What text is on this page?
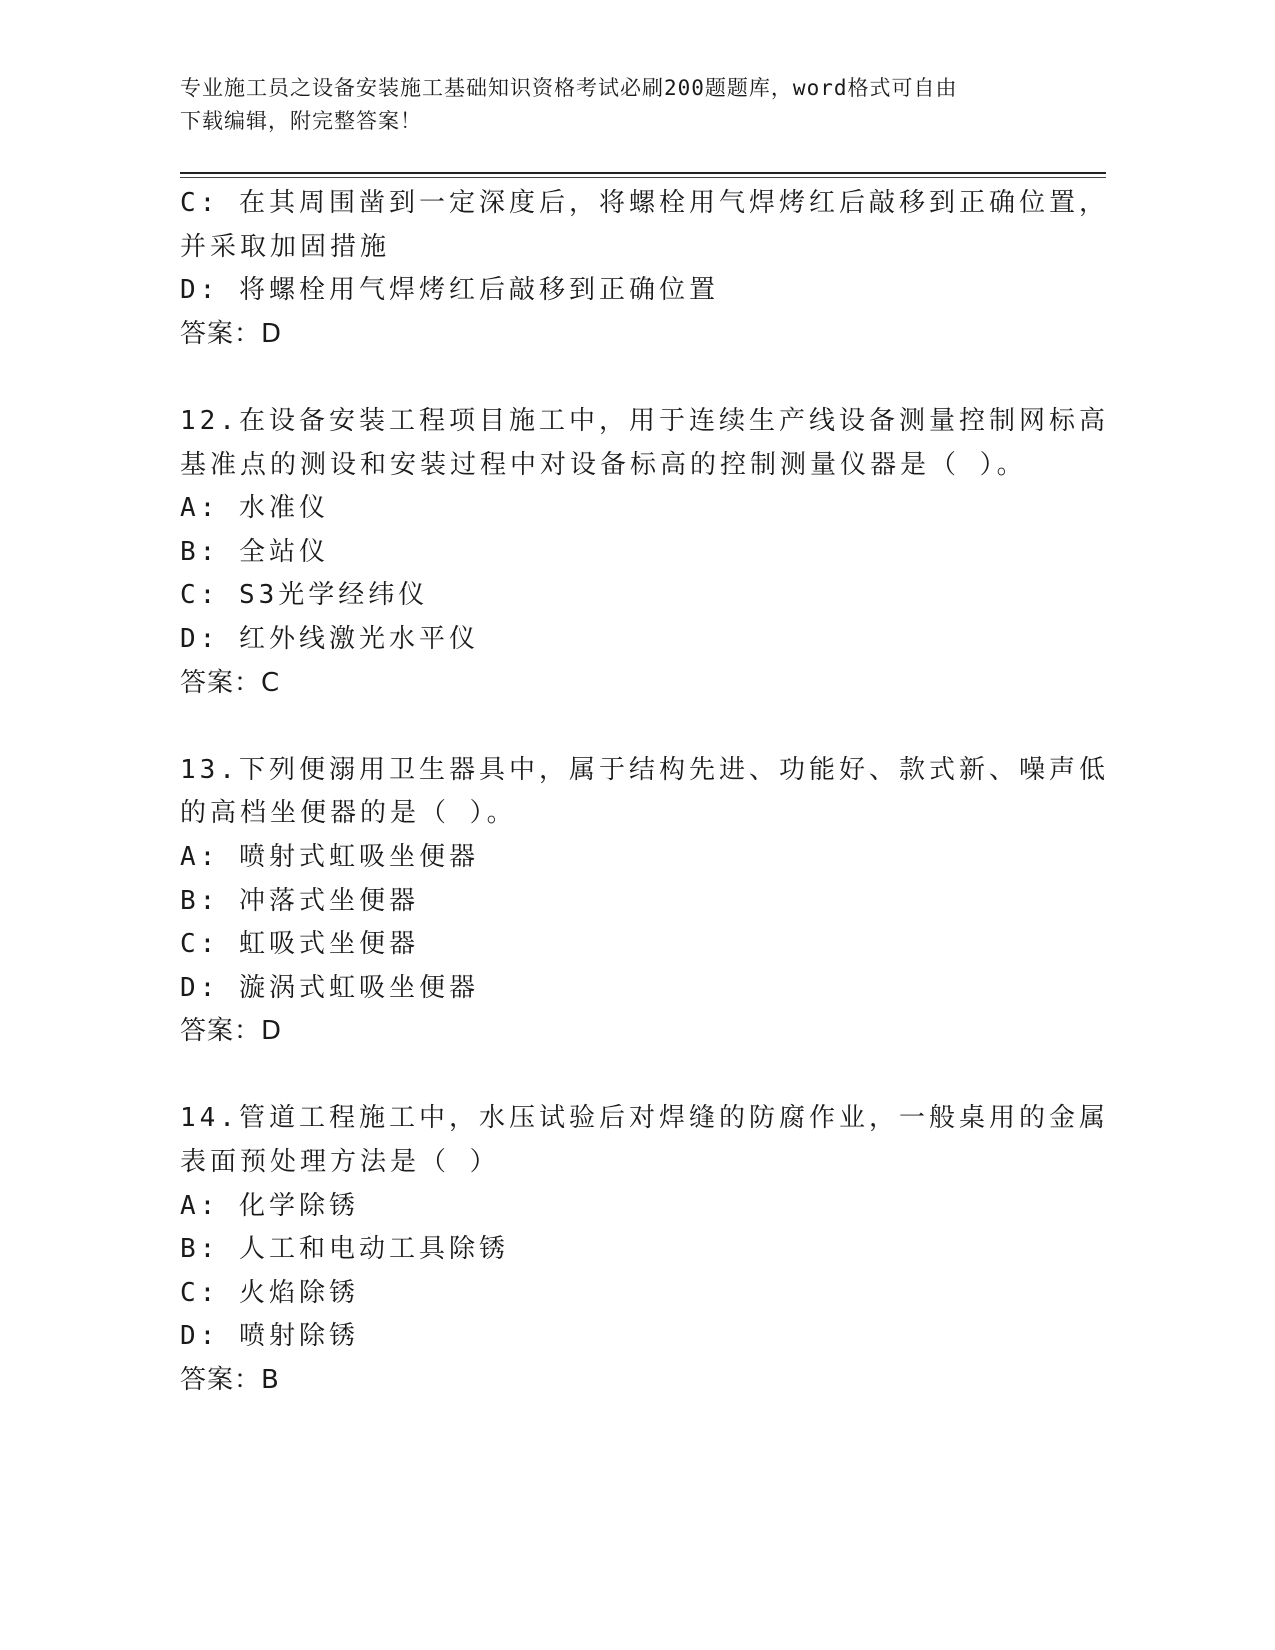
专业施工员之设备安装施工基础知识资格考试必刷200题题库，word格式可自由
下载编辑，附完整答案！
C: 在其周围凿到一定深度后，将螺栓用气焊烤红后敲移到正确位置，
并采取加固措施
D: 将螺栓用气焊烤红后敲移到正确位置
答案：D
12.在设备安装工程项目施工中，用于连续生产线设备测量控制网标高
基准点的测设和安装过程中对设备标高的控制测量仪器是（ ）。
A: 水准仪
B: 全站仪
C: S3光学经纬仪
D: 红外线激光水平仪
答案：C
13.下列便溺用卫生器具中，属于结构先进、功能好、款式新、噪声低
的高档坐便器的是（ ）。
A: 喷射式虹吸坐便器
B: 冲落式坐便器
C: 虹吸式坐便器
D: 漩涡式虹吸坐便器
答案：D
14.管道工程施工中，水压试验后对焊缝的防腐作业，一般桌用的金属
表面预处理方法是（ ）
A: 化学除锈
B: 人工和电动工具除锈
C: 火焰除锈
D: 喷射除锈
答案：B
